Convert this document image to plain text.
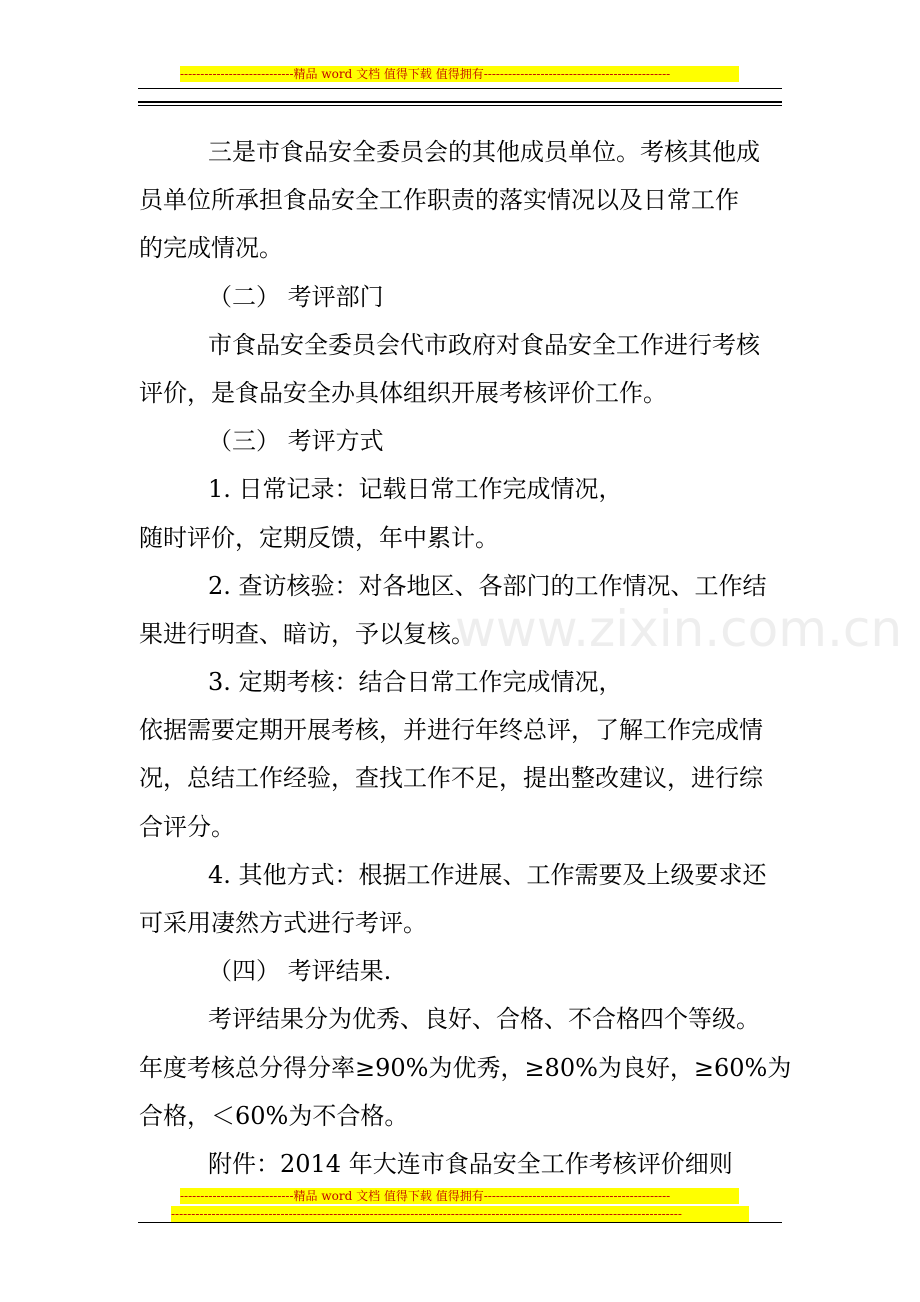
----------------------------精品 word 文档 值得下载 值得拥有----------------------------------------------
www.zixin.com.cn
三是市食品安全委员会的其他成员单位。考核其他成
员单位所承担食品安全工作职责的落实情况以及日常工作
的完成情况。
（二） 考评部门
市食品安全委员会代市政府对食品安全工作进行考核
评价，是食品安全办具体组织开展考核评价工作。
（三） 考评方式
1. 日常记录：记载日常工作完成情况，
随时评价，定期反馈，年中累计。
2. 查访核验：对各地区、各部门的工作情况、工作结
果进行明查、暗访，予以复核。
3. 定期考核：结合日常工作完成情况，
依据需要定期开展考核，并进行年终总评，了解工作完成情
况，总结工作经验，查找工作不足，提出整改建议，进行综
合评分。
4. 其他方式：根据工作进展、工作需要及上级要求还
可采用凄然方式进行考评。
（四） 考评结果.
考评结果分为优秀、良好、合格、不合格四个等级。
年度考核总分得分率≥90%为优秀，≥80%为良好，≥60%为
合格，＜60%为不合格。
附件：2014 年大连市食品安全工作考核评价细则
----------------------------精品 word 文档 值得下载 值得拥有----------------------------------------------
------------------------------------------------------------------------------------------------------------------------------
